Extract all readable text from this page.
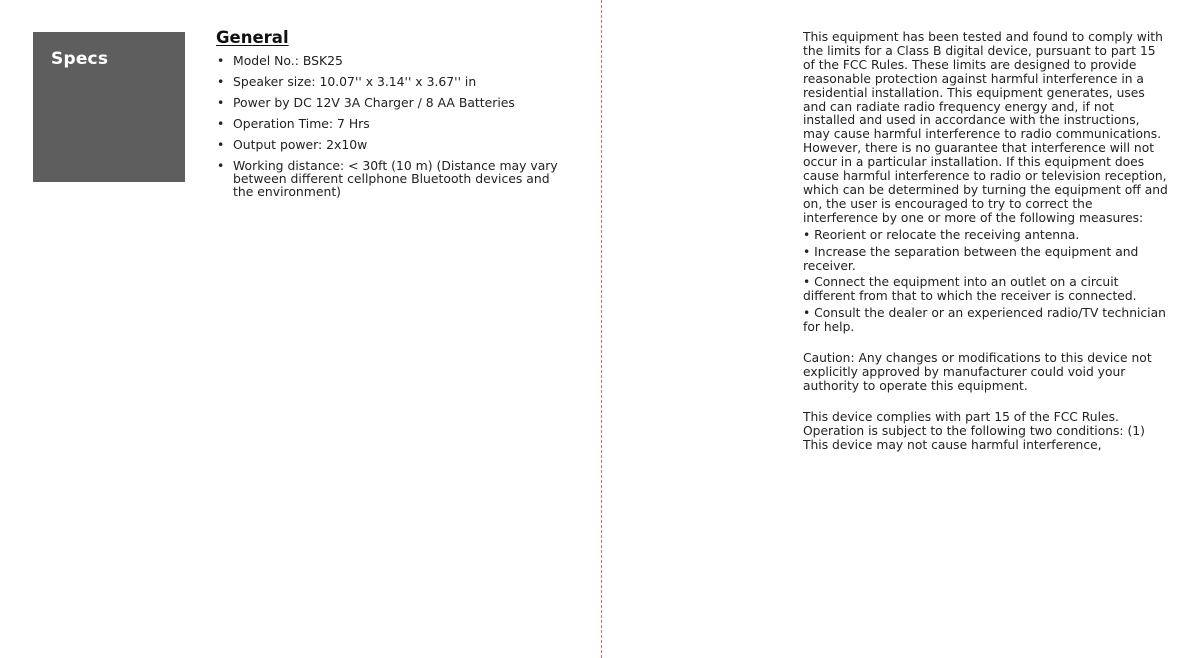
Specs
General
• Model No.: BSK25
• Speaker size: 10.07'' x 3.14'' x 3.67'' in
• Power by DC 12V 3A Charger / 8 AA Batteries
• Operation Time: 7 Hrs
• Output power: 2x10w
• Working distance: < 30ft (10 m) (Distance may vary between different cellphone Bluetooth devices and the environment)

This equipment has been tested and found to comply with the limits for a Class B digital device, pursuant to part 15 of the FCC Rules. These limits are designed to provide reasonable protection against harmful interference in a residential installation. This equipment generates, uses and can radiate radio frequency energy and, if not installed and used in accordance with the instructions, may cause harmful interference to radio communications. However, there is no guarantee that interference will not occur in a particular installation. If this equipment does cause harmful interference to radio or television reception, which can be determined by turning the equipment off and on, the user is encouraged to try to correct the interference by one or more of the following measures:

• Reorient or relocate the receiving antenna.

• Increase the separation between the equipment and receiver.

• Connect the equipment into an outlet on a circuit different from that to which the receiver is connected.

• Consult the dealer or an experienced radio/TV technician for help.

Caution: Any changes or modifications to this device not explicitly approved by manufacturer could void your authority to operate this equipment.

This device complies with part 15 of the FCC Rules. Operation is subject to the following two conditions: (1) This device may not cause harmful interference,
